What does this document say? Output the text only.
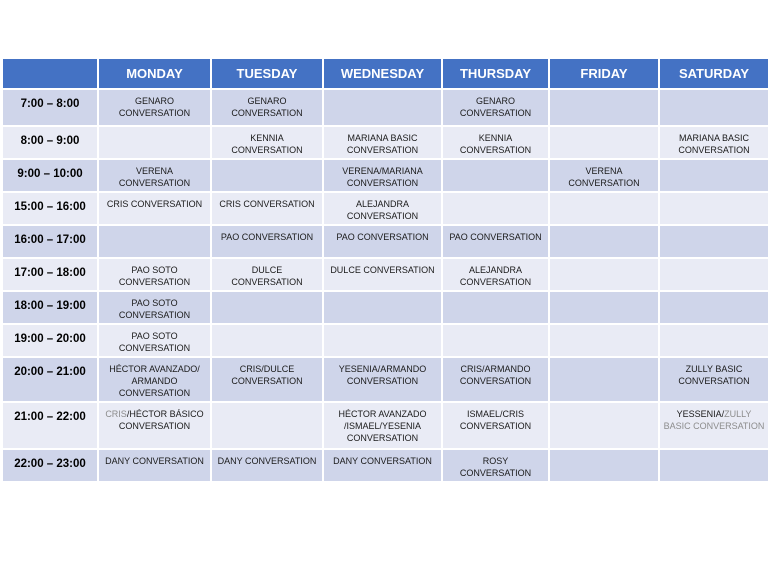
	MONDAY	TUESDAY	WEDNESDAY	THURSDAY	FRIDAY	SATURDAY
7:00 – 8:00	GENARO CONVERSATION	GENARO CONVERSATION		GENARO CONVERSATION		
8:00 – 9:00		KENNIA CONVERSATION	MARIANA BASIC CONVERSATION	KENNIA CONVERSATION		MARIANA BASIC CONVERSATION
9:00 – 10:00	VERENA CONVERSATION		VERENA/MARIANA CONVERSATION		VERENA CONVERSATION	
15:00 – 16:00	CRIS CONVERSATION	CRIS CONVERSATION	ALEJANDRA CONVERSATION			
16:00 – 17:00		PAO CONVERSATION	PAO CONVERSATION	PAO CONVERSATION		
17:00 – 18:00	PAO SOTO CONVERSATION	DULCE CONVERSATION	DULCE CONVERSATION	ALEJANDRA CONVERSATION		
18:00 – 19:00	PAO SOTO CONVERSATION					
19:00 – 20:00	PAO SOTO CONVERSATION					
20:00 – 21:00	HÉCTOR AVANZADO/ ARMANDO CONVERSATION	CRIS/DULCE CONVERSATION	YESENIA/ARMANDO CONVERSATION	CRIS/ARMANDO CONVERSATION		ZULLY BASIC CONVERSATION
21:00 – 22:00	CRIS/HÉCTOR BÁSICO CONVERSATION		HÉCTOR AVANZADO /ISMAEL/YESENIA CONVERSATION	ISMAEL/CRIS CONVERSATION		YESSENIA/ZULLY BASIC CONVERSATION
22:00 – 23:00	DANY CONVERSATION	DANY CONVERSATION	DANY CONVERSATION	ROSY CONVERSATION		
